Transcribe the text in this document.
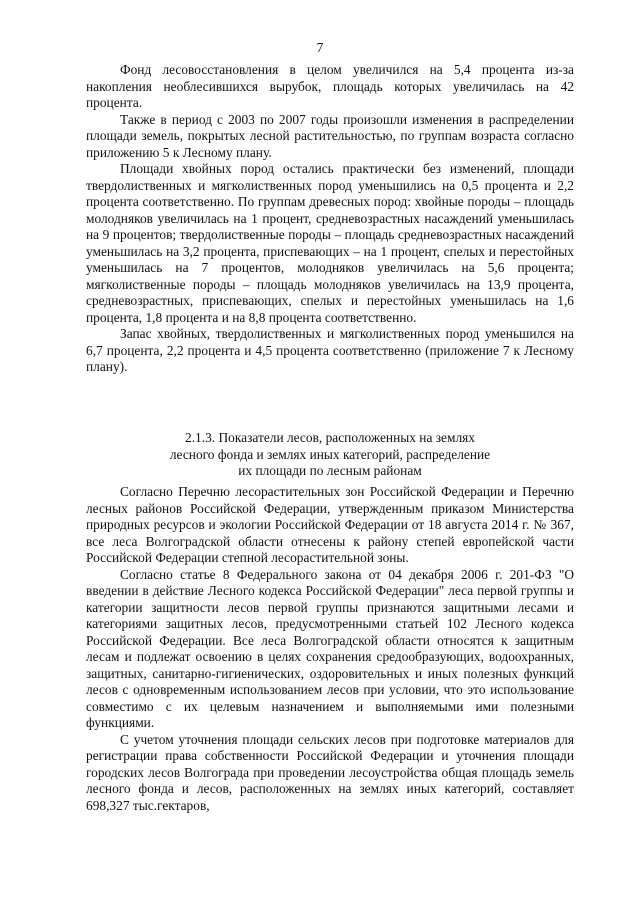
7

Фонд лесовосстановления в целом увеличился на 5,4 процента из-за накопления необлесившихся вырубок, площадь которых увеличилась на 42 процента.

Также в период с 2003 по 2007 годы произошли изменения в распределении площади земель, покрытых лесной растительностью, по группам возраста согласно приложению 5 к Лесному плану.

Площади хвойных пород остались практически без изменений, площади твердолиственных и мягколиственных пород уменьшились на 0,5 процента и 2,2 процента соответственно. По группам древесных пород: хвойные породы – площадь молодняков увеличилась на 1 процент, средневозрастных насаждений уменьшилась на 9 процентов; твердолиственные породы – площадь средневозрастных насаждений уменьшилась на 3,2 процента, приспевающих – на 1 процент, спелых и перестойных уменьшилась на 7 процентов, молодняков увеличилась на 5,6 процента; мягколиственные породы – площадь молодняков увеличилась на 13,9 процента, средневозрастных, приспевающих, спелых и перестойных уменьшилась на 1,6 процента, 1,8 процента и на 8,8 процента соответственно.

Запас хвойных, твердолиственных и мягколиственных пород уменьшился на 6,7 процента, 2,2 процента и 4,5 процента соответственно (приложение 7 к Лесному плану).

2.1.3. Показатели лесов, расположенных на землях

лесного фонда и землях иных категорий, распределение

их площади по лесным районам

Согласно Перечню лесорастительных зон Российской Федерации и Перечню лесных районов Российской Федерации, утвержденным приказом Министерства природных ресурсов и экологии Российской Федерации от 18 августа 2014 г. № 367, все леса Волгоградской области отнесены к району степей европейской части Российской Федерации степной лесорастительной зоны.

Согласно статье 8 Федерального закона от 04 декабря 2006 г. 201-ФЗ "О введении в действие Лесного кодекса Российской Федерации" леса первой группы и категории защитности лесов первой группы признаются защитными лесами и категориями защитных лесов, предусмотренными статьей 102 Лесного кодекса Российской Федерации. Все леса Волгоградской области относятся к защитным лесам и подлежат освоению в целях сохранения средообразующих, водоохранных, защитных, санитарно-гигиенических, оздоровительных и иных полезных функций лесов с одновременным использованием лесов при условии, что это использование совместимо с их целевым назначением и выполняемыми ими полезными функциями.

С учетом уточнения площади сельских лесов при подготовке материалов для регистрации права собственности Российской Федерации и уточнения площади городских лесов Волгограда при проведении лесоустройства общая площадь земель лесного фонда и лесов, расположенных на землях иных категорий, составляет 698,327 тыс.гектаров,
